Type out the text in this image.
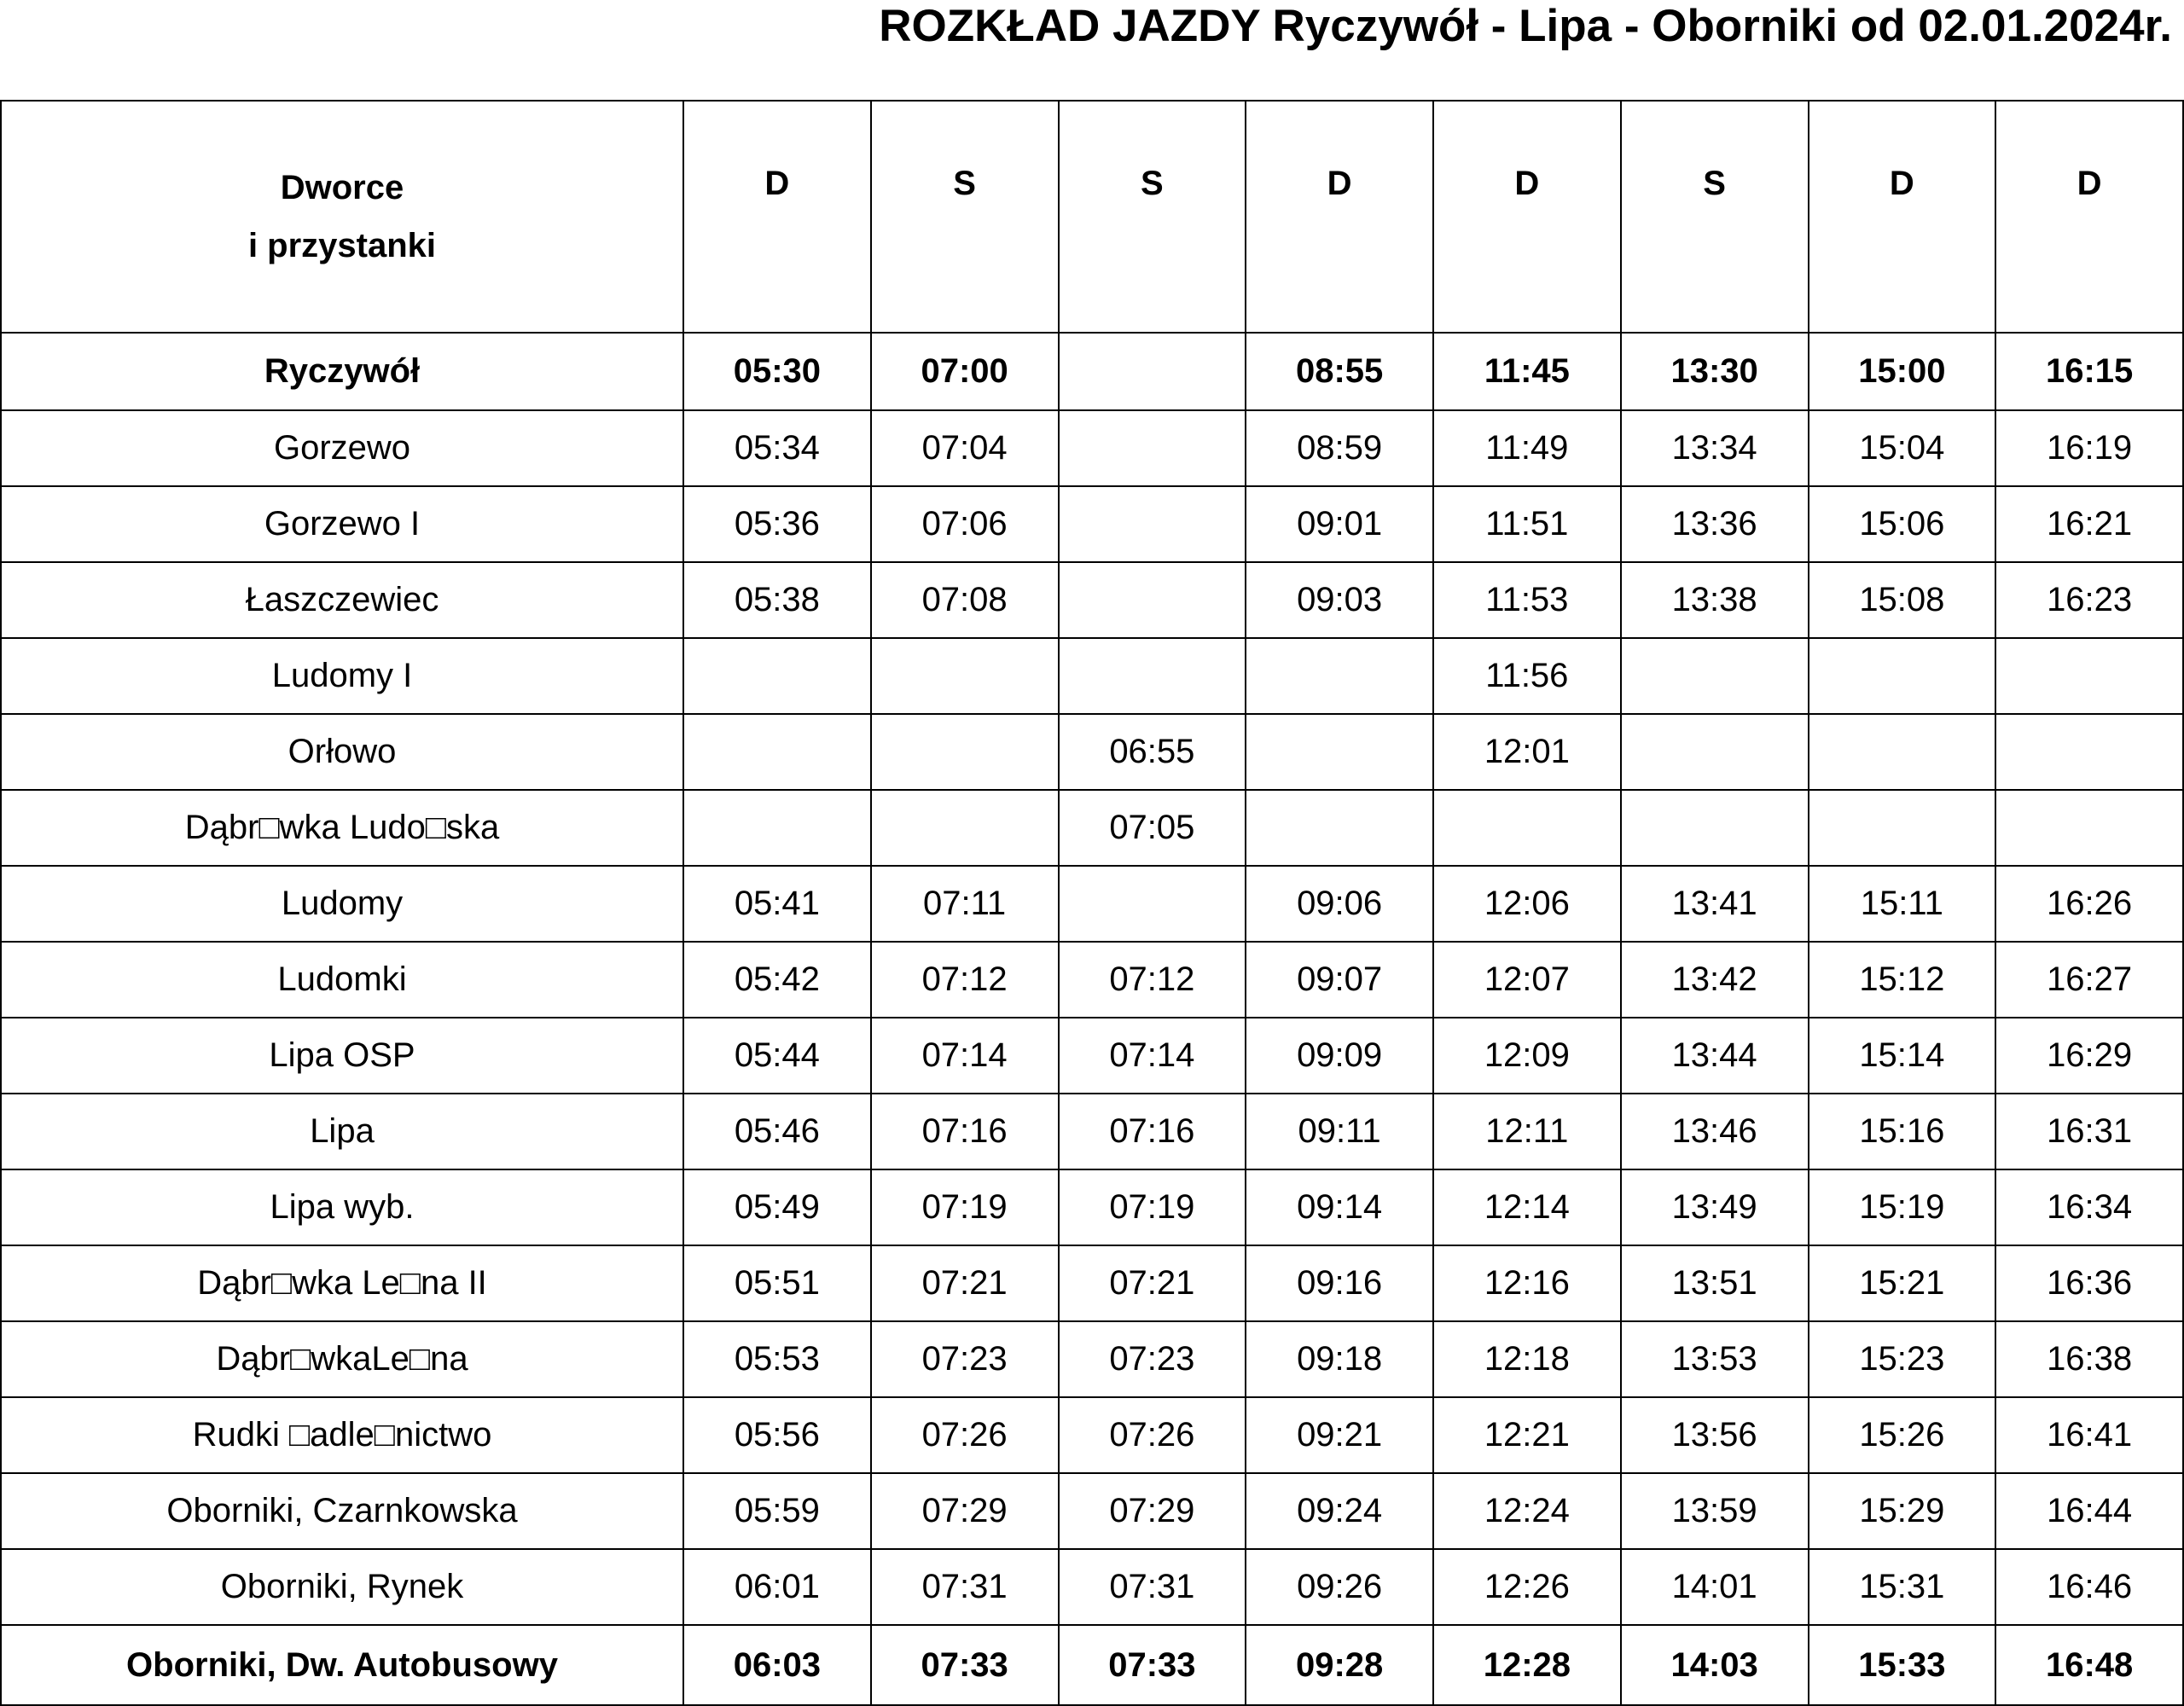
ROZKŁAD JAZDY Ryczywół - Lipa - Oborniki od 02.01.2024r.
Dworce
i przystanki	D	S	S	D	D	S	D	D
Ryczywół	05:30	07:00		08:55	11:45	13:30	15:00	16:15
Gorzewo	05:34	07:04		08:59	11:49	13:34	15:04	16:19
Gorzewo I	05:36	07:06		09:01	11:51	13:36	15:06	16:21
Łaszczewiec	05:38	07:08		09:03	11:53	13:38	15:08	16:23
Ludomy I					11:56			
Orłowo			06:55		12:01			
Dąbr□wka Ludo□ska			07:05					
Ludomy	05:41	07:11		09:06	12:06	13:41	15:11	16:26
Ludomki	05:42	07:12	07:12	09:07	12:07	13:42	15:12	16:27
Lipa OSP	05:44	07:14	07:14	09:09	12:09	13:44	15:14	16:29
Lipa	05:46	07:16	07:16	09:11	12:11	13:46	15:16	16:31
Lipa wyb.	05:49	07:19	07:19	09:14	12:14	13:49	15:19	16:34
Dąbr□wka Le□na II	05:51	07:21	07:21	09:16	12:16	13:51	15:21	16:36
Dąbr□wkaLe□na	05:53	07:23	07:23	09:18	12:18	13:53	15:23	16:38
Rudki □adle□nictwo	05:56	07:26	07:26	09:21	12:21	13:56	15:26	16:41
Oborniki, Czarnkowska	05:59	07:29	07:29	09:24	12:24	13:59	15:29	16:44
Oborniki, Rynek	06:01	07:31	07:31	09:26	12:26	14:01	15:31	16:46
Oborniki, Dw. Autobusowy	06:03	07:33	07:33	09:28	12:28	14:03	15:33	16:48
